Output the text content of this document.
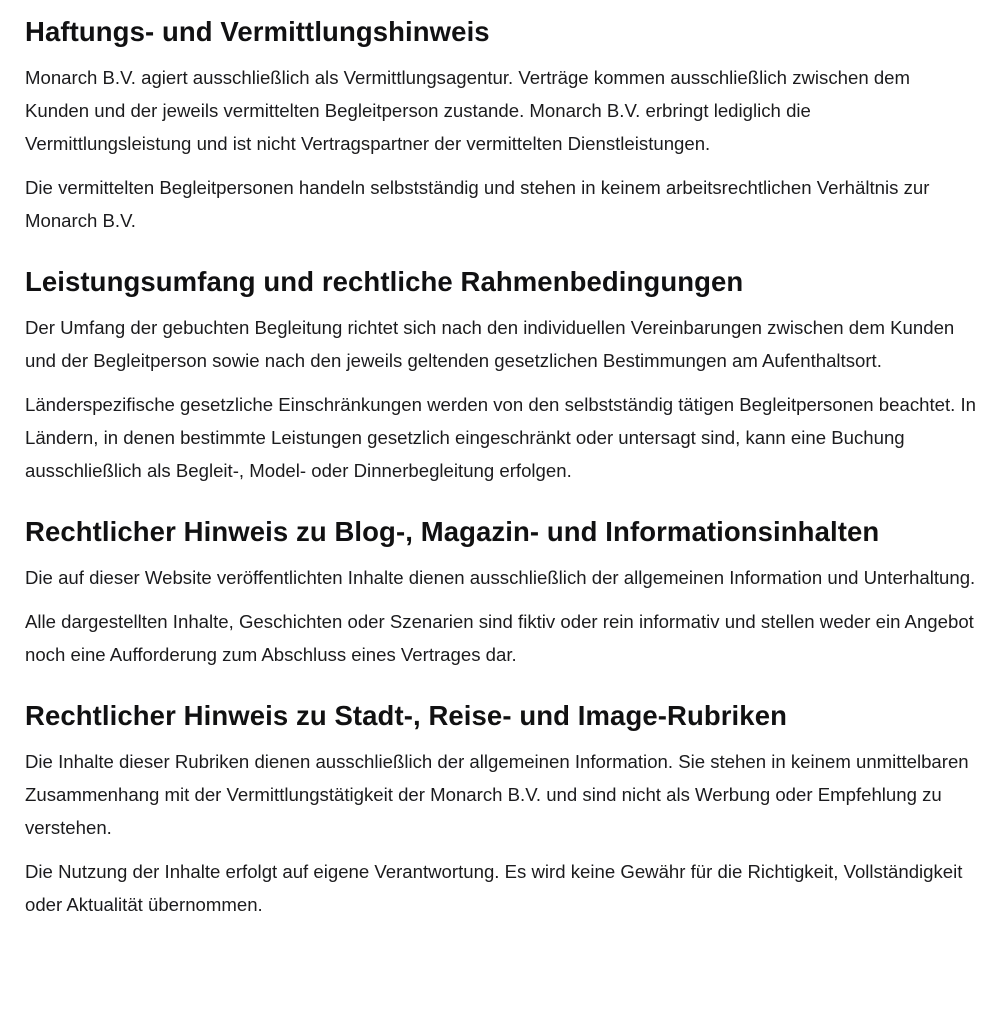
Haftungs- und Vermittlungshinweis

Monarch B.V. agiert ausschließlich als Vermittlungsagentur. Verträge kommen ausschließlich zwischen dem Kunden und der jeweils vermittelten Begleitperson zustande. Monarch B.V. erbringt lediglich die Vermittlungsleistung und ist nicht Vertragspartner der vermittelten Dienstleistungen.

Die vermittelten Begleitpersonen handeln selbstständig und stehen in keinem arbeitsrechtlichen Verhältnis zur Monarch B.V.

Leistungsumfang und rechtliche Rahmenbedingungen

Der Umfang der gebuchten Begleitung richtet sich nach den individuellen Vereinbarungen zwischen dem Kunden und der Begleitperson sowie nach den jeweils geltenden gesetzlichen Bestimmungen am Aufenthaltsort.

Länderspezifische gesetzliche Einschränkungen werden von den selbstständig tätigen Begleitpersonen beachtet. In Ländern, in denen bestimmte Leistungen gesetzlich eingeschränkt oder untersagt sind, kann eine Buchung ausschließlich als Begleit-, Model- oder Dinnerbegleitung erfolgen.

Rechtlicher Hinweis zu Blog-, Magazin- und Informationsinhalten

Die auf dieser Website veröffentlichten Inhalte dienen ausschließlich der allgemeinen Information und Unterhaltung.

Alle dargestellten Inhalte, Geschichten oder Szenarien sind fiktiv oder rein informativ und stellen weder ein Angebot noch eine Aufforderung zum Abschluss eines Vertrages dar.

Rechtlicher Hinweis zu Stadt-, Reise- und Image-Rubriken

Die Inhalte dieser Rubriken dienen ausschließlich der allgemeinen Information. Sie stehen in keinem unmittelbaren Zusammenhang mit der Vermittlungstätigkeit der Monarch B.V. und sind nicht als Werbung oder Empfehlung zu verstehen.

Die Nutzung der Inhalte erfolgt auf eigene Verantwortung. Es wird keine Gewähr für die Richtigkeit, Vollständigkeit oder Aktualität übernommen.
